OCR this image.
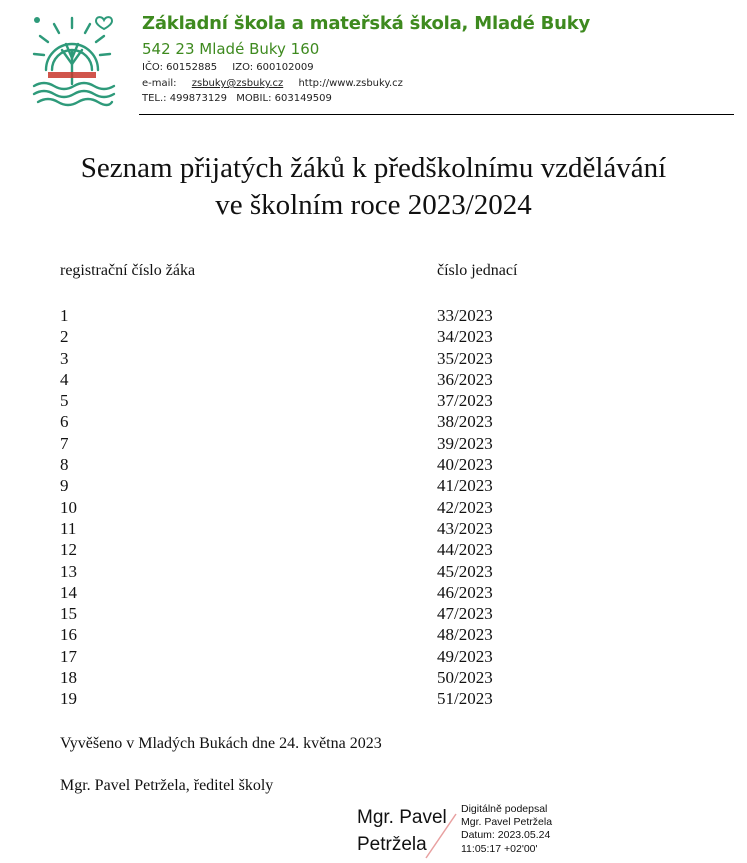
Základní škola a mateřská škola, Mladé Buky
542 23 Mladé Buky 160
IČO: 60152885 IZO: 600102009
e-mail: zsbuky@zsbuky.cz http://www.zsbuky.cz
TEL.: 499873129 MOBIL: 603149509
Seznam přijatých žáků k předškolnímu vzdělávání
ve školním roce 2023/2024
registrační číslo žáka	číslo jednací
1	33/2023
2	34/2023
3	35/2023
4	36/2023
5	37/2023
6	38/2023
7	39/2023
8	40/2023
9	41/2023
10	42/2023
11	43/2023
12	44/2023
13	45/2023
14	46/2023
15	47/2023
16	48/2023
17	49/2023
18	50/2023
19	51/2023
Vyvěšeno v Mladých Bukách dne 24. května 2023
Mgr. Pavel Petržela, ředitel školy
Mgr. Pavel
Petržela
Digitálně podepsal
Mgr. Pavel Petržela
Datum: 2023.05.24
11:05:17 +02'00'
